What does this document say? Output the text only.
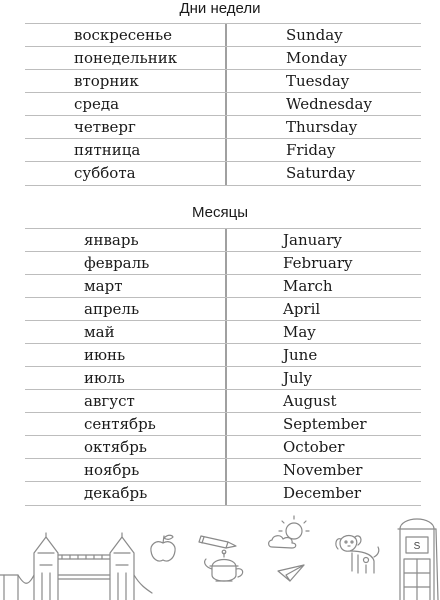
Дни недели
воскресенье	Sunday
понедельник	Monday
вторник	Tuesday
среда	Wednesday
четверг	Thursday
пятница	Friday
суббота	Saturday
Месяцы
январь	January
февраль	February
март	March
апрель	April
май	May
июнь	June
июль	July
август	August
сентябрь	September
октябрь	October
ноябрь	November
декабрь	December
S
